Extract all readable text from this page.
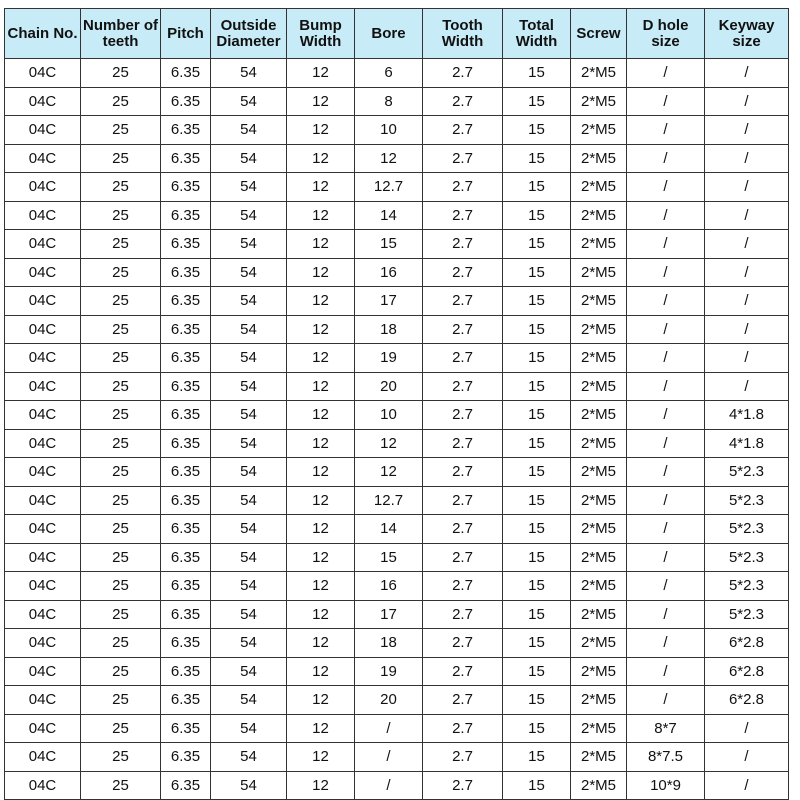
Chain No.	Number of teeth	Pitch	Outside Diameter	Bump Width	Bore	Tooth Width	Total Width	Screw	D hole size	Keyway size
04C	25	6.35	54	12	6	2.7	15	2*M5	/	/
04C	25	6.35	54	12	8	2.7	15	2*M5	/	/
04C	25	6.35	54	12	10	2.7	15	2*M5	/	/
04C	25	6.35	54	12	12	2.7	15	2*M5	/	/
04C	25	6.35	54	12	12.7	2.7	15	2*M5	/	/
04C	25	6.35	54	12	14	2.7	15	2*M5	/	/
04C	25	6.35	54	12	15	2.7	15	2*M5	/	/
04C	25	6.35	54	12	16	2.7	15	2*M5	/	/
04C	25	6.35	54	12	17	2.7	15	2*M5	/	/
04C	25	6.35	54	12	18	2.7	15	2*M5	/	/
04C	25	6.35	54	12	19	2.7	15	2*M5	/	/
04C	25	6.35	54	12	20	2.7	15	2*M5	/	/
04C	25	6.35	54	12	10	2.7	15	2*M5	/	4*1.8
04C	25	6.35	54	12	12	2.7	15	2*M5	/	4*1.8
04C	25	6.35	54	12	12	2.7	15	2*M5	/	5*2.3
04C	25	6.35	54	12	12.7	2.7	15	2*M5	/	5*2.3
04C	25	6.35	54	12	14	2.7	15	2*M5	/	5*2.3
04C	25	6.35	54	12	15	2.7	15	2*M5	/	5*2.3
04C	25	6.35	54	12	16	2.7	15	2*M5	/	5*2.3
04C	25	6.35	54	12	17	2.7	15	2*M5	/	5*2.3
04C	25	6.35	54	12	18	2.7	15	2*M5	/	6*2.8
04C	25	6.35	54	12	19	2.7	15	2*M5	/	6*2.8
04C	25	6.35	54	12	20	2.7	15	2*M5	/	6*2.8
04C	25	6.35	54	12	/	2.7	15	2*M5	8*7	/
04C	25	6.35	54	12	/	2.7	15	2*M5	8*7.5	/
04C	25	6.35	54	12	/	2.7	15	2*M5	10*9	/
